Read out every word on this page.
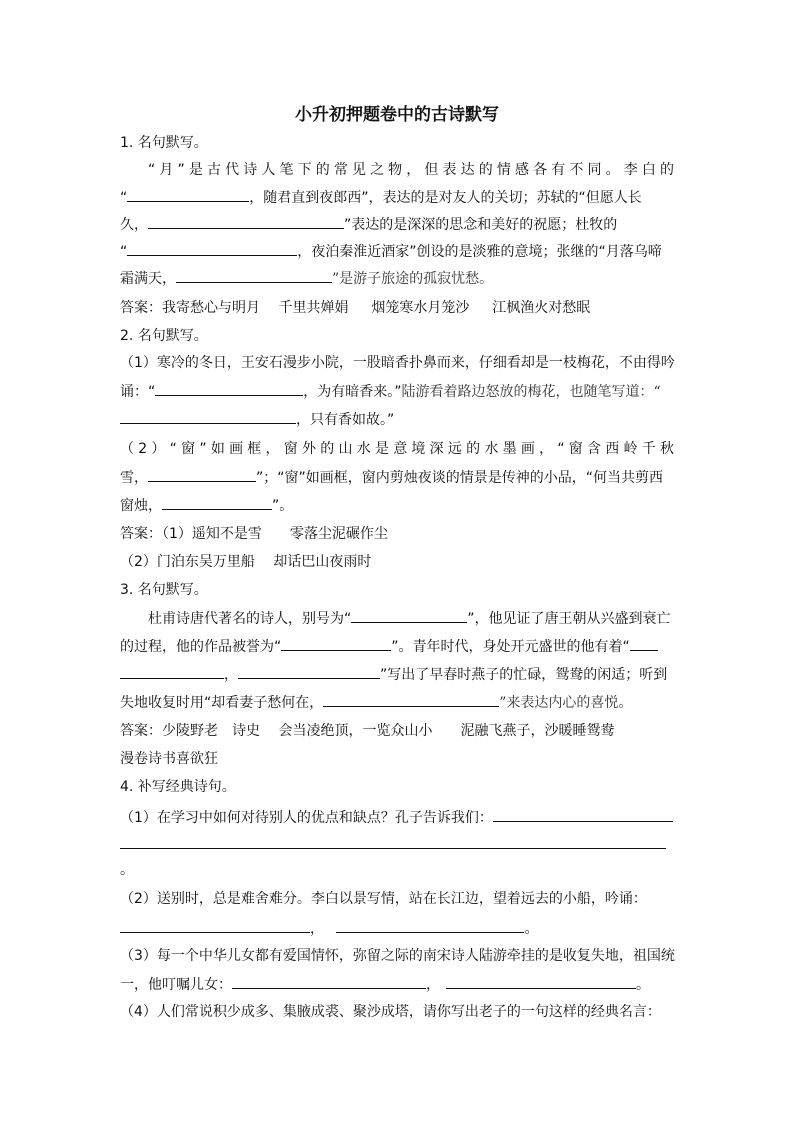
小升初押题卷中的古诗默写
1. 名句默写。
“月”是古代诗人笔下的常见之物，但表达的情感各有不同。李白的
“	，随君直到夜郎西”，表达的是对友人的关切；苏轼的“但愿人长
久，	”表达的是深深的思念和美好的祝愿；杜牧的
“	，夜泊秦淮近酒家”创设的是淡雅的意境；张继的“月落乌啼
霜满天，	”是游子旅途的孤寂忧愁。
答案：我寄愁心与明月　 千里共婵娟 　 烟笼寒水月笼沙 　 江枫渔火对愁眠
2. 名句默写。
（1）寒冷的冬日，王安石漫步小院，一股暗香扑鼻而来，仔细看却是一枝梅花，不由得吟
诵：“	，为有暗香来。”陆游看着路边怒放的梅花，也随笔写道：“
，只有香如故。”
（2）“窗”如画框，窗外的山水是意境深远的水墨画，“窗含西岭千秋
雪，	”；“窗”如画框，窗内剪烛夜谈的情景是传神的小品，“何当共剪西
窗烛，	”。
答案：（1）遥知不是雪　　零落尘泥碾作尘
（2）门泊东吴万里船　 却话巴山夜雨时
3. 名句默写。
杜甫诗唐代著名的诗人，别号为“	”，他见证了唐王朝从兴盛到衰亡
的过程，他的作品被誉为“	”。青年时代，身处开元盛世的他有着“
，	”写出了早春时燕子的忙碌，鸳鸯的闲适；听到
失地收复时用“却看妻子愁何在，	”来表达内心的喜悦。
答案：少陵野老　诗史 　会当凌绝顶，一览众山小　　泥融飞燕子，沙暖睡鸳鸯
漫卷诗书喜欲狂
4. 补写经典诗句。
（1）在学习中如何对待别人的优点和缺点？孔子告诉我们：
。
（2）送别时，总是难舍难分。李白以景写情，站在长江边，望着远去的小船，吟诵：
，	。
（3）每一个中华儿女都有爱国情怀，弥留之际的南宋诗人陆游牵挂的是收复失地，祖国统
一，他叮嘱儿女：	，	。
（4）人们常说积少成多、集腋成裘、聚沙成塔，请你写出老子的一句这样的经典名言：
